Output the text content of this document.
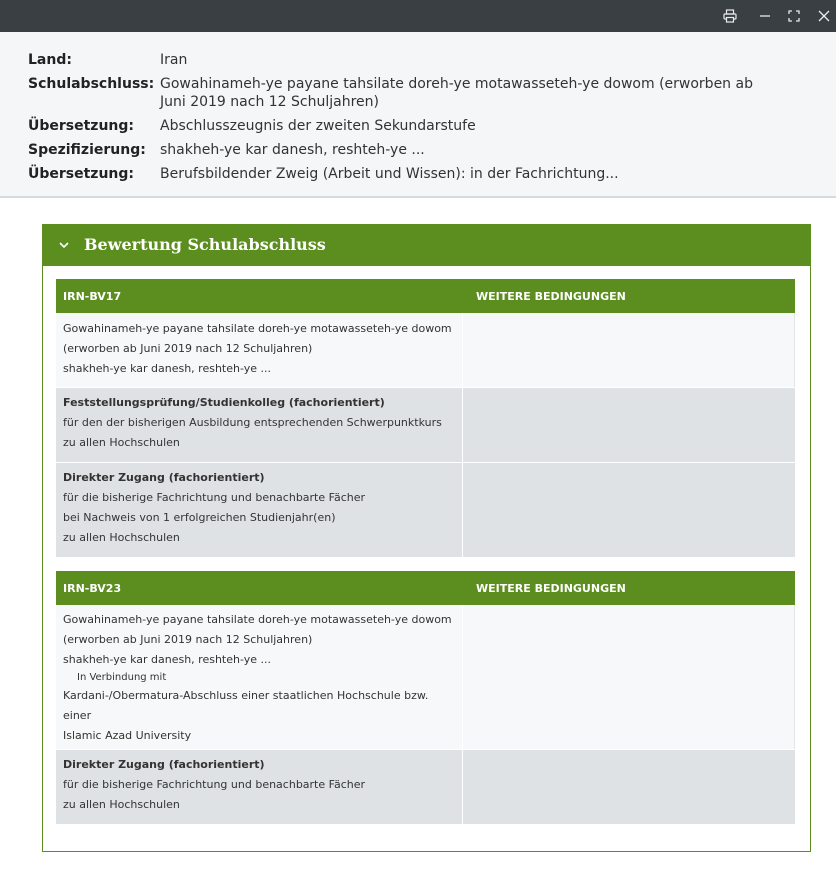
Land:	Iran
Schulabschluss: Gowahinameh-ye payane tahsilate doreh-ye motawasseteh-ye dowom (erworben ab Juni 2019 nach 12 Schuljahren)
Übersetzung:	Abschlusszeugnis der zweiten Sekundarstufe
Spezifizierung:	shakheh-ye kar danesh, reshteh-ye ...
Übersetzung:	Berufsbildender Zweig (Arbeit und Wissen): in der Fachrichtung...
Bewertung Schulabschluss
IRN-BV17	WEITERE BEDINGUNGEN
Gowahinameh-ye payane tahsilate doreh-ye motawasseteh-ye dowom
(erworben ab Juni 2019 nach 12 Schuljahren)
shakheh-ye kar danesh, reshteh-ye ...
Feststellungsprüfung/Studienkolleg (fachorientiert)
für den der bisherigen Ausbildung entsprechenden Schwerpunktkurs
zu allen Hochschulen
Direkter Zugang (fachorientiert)
für die bisherige Fachrichtung und benachbarte Fächer
bei Nachweis von 1 erfolgreichen Studienjahr(en)
zu allen Hochschulen
IRN-BV23	WEITERE BEDINGUNGEN
Gowahinameh-ye payane tahsilate doreh-ye motawasseteh-ye dowom
(erworben ab Juni 2019 nach 12 Schuljahren)
shakheh-ye kar danesh, reshteh-ye ...
In Verbindung mit
Kardani-/Obermatura-Abschluss einer staatlichen Hochschule bzw. einer
Islamic Azad University
Direkter Zugang (fachorientiert)
für die bisherige Fachrichtung und benachbarte Fächer
zu allen Hochschulen
